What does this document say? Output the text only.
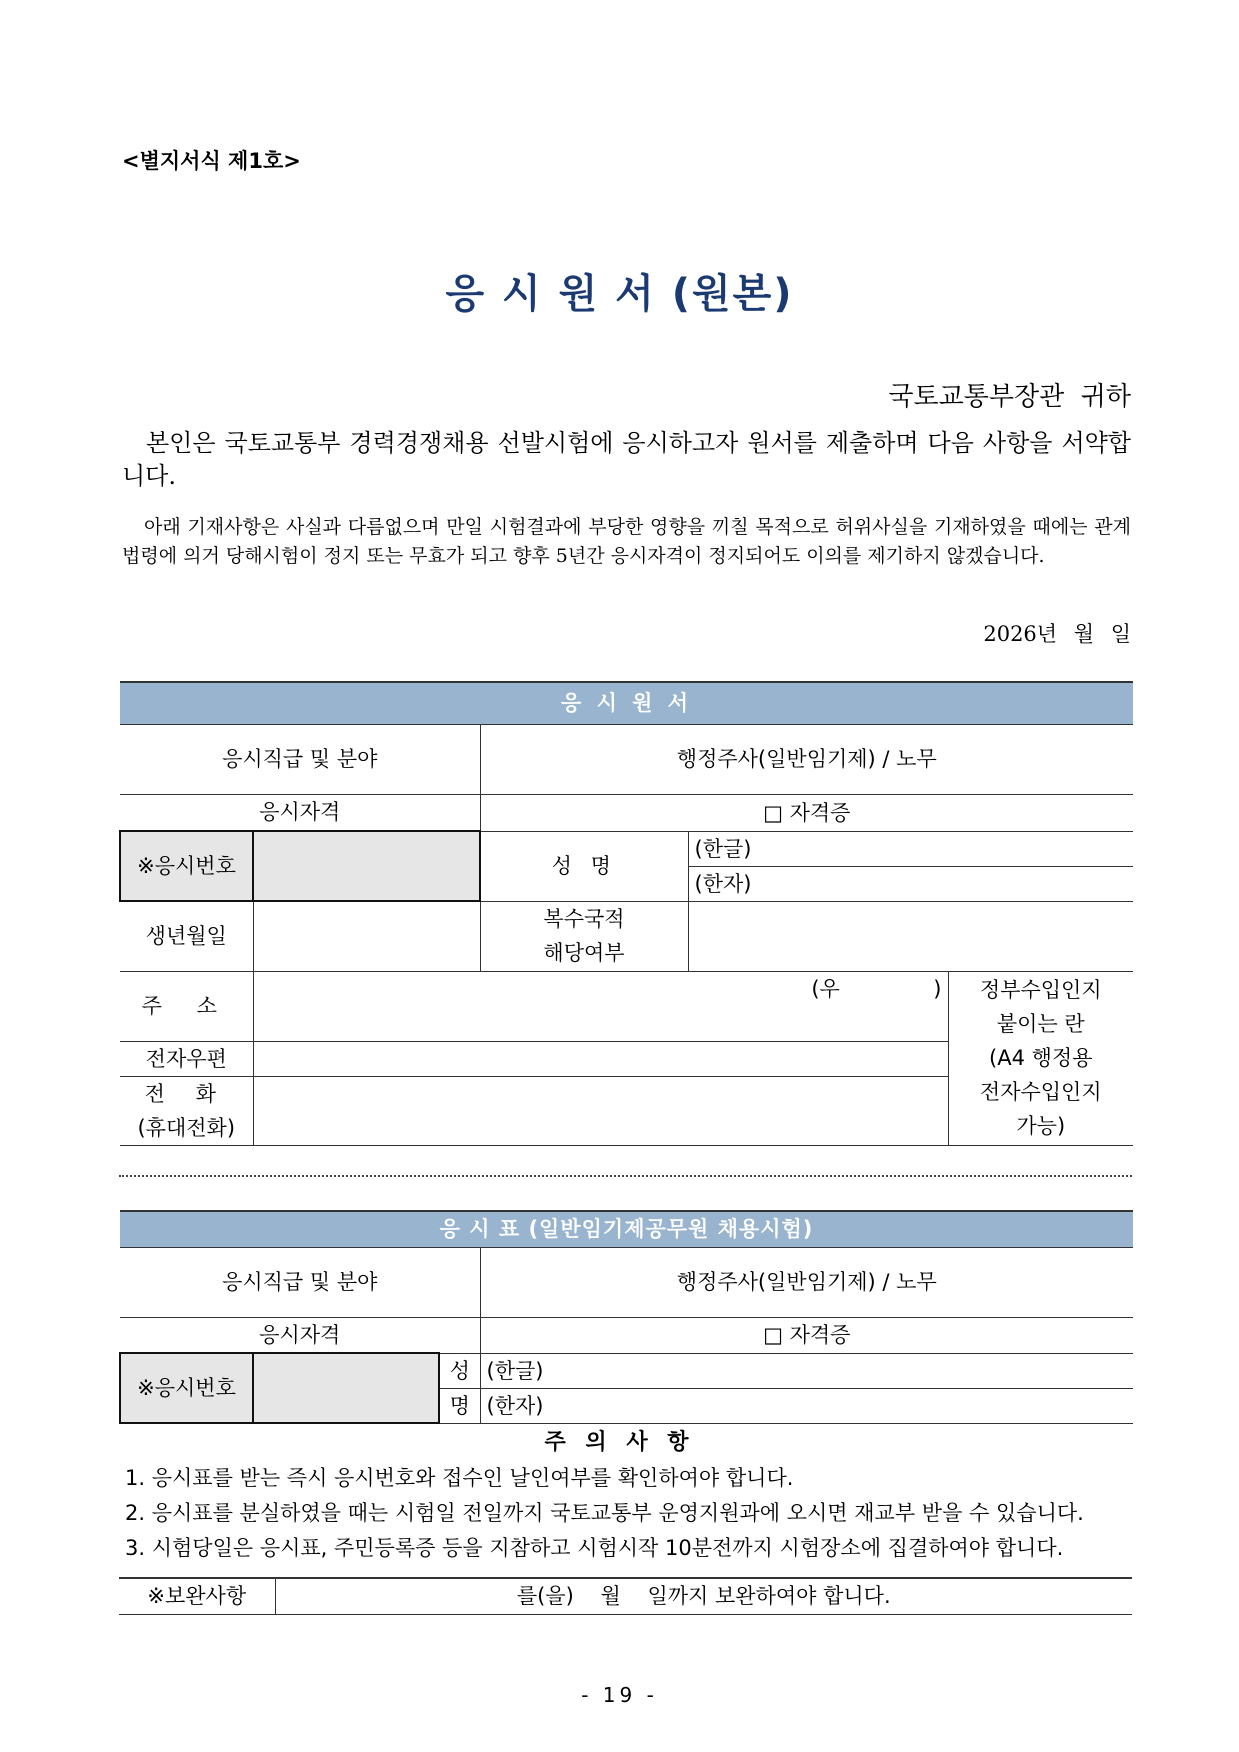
<별지서식 제1호>
응 시 원 서 (원본)
국토교통부장관  귀하
본인은 국토교통부 경력경쟁채용 선발시험에 응시하고자 원서를 제출하며 다음 사항을 서약합니다.
아래 기재사항은 사실과 다름없으며 만일 시험결과에 부당한 영향을 끼칠 목적으로 허위사실을 기재하였을 때에는 관계법령에 의거 당해시험이 정지 또는 무효가 되고 향후 5년간 응시자격이 정지되어도 이의를 제기하지 않겠습니다.
2026년 월 일
응 시 원 서				
응시직급 및 분야		행정주사(일반임기제) / 노무		
응시자격		□ 자격증		
※응시번호		성 명	(한글)	
			(한자)	
생년월일		복수국적
해당여부		

주 소	(우              )			정부수입인지
붙이는 란
(A4 행정용
전자수입인지
가능)

전자우편				

전 화
(휴대전화)				

응 시 표 (일반임기제공무원 채용시험)			
응시직급 및 분야			행정주사(일반임기제) / 노무
응시자격			□ 자격증
※응시번호		성	(한글)
		명	(한자)
주 의 사 항
1. 응시표를 받는 즉시 응시번호와 접수인 날인여부를 확인하여야 합니다.
2. 응시표를 분실하였을 때는 시험일 전일까지 국토교통부 운영지원과에 오시면 재교부 받을 수 있습니다.
3. 시험당일은 응시표, 주민등록증 등을 지참하고 시험시작 10분전까지 시험장소에 집결하여야 합니다.
※보완사항	를(을)    월    일까지 보완하여야 합니다.
- 19 -
